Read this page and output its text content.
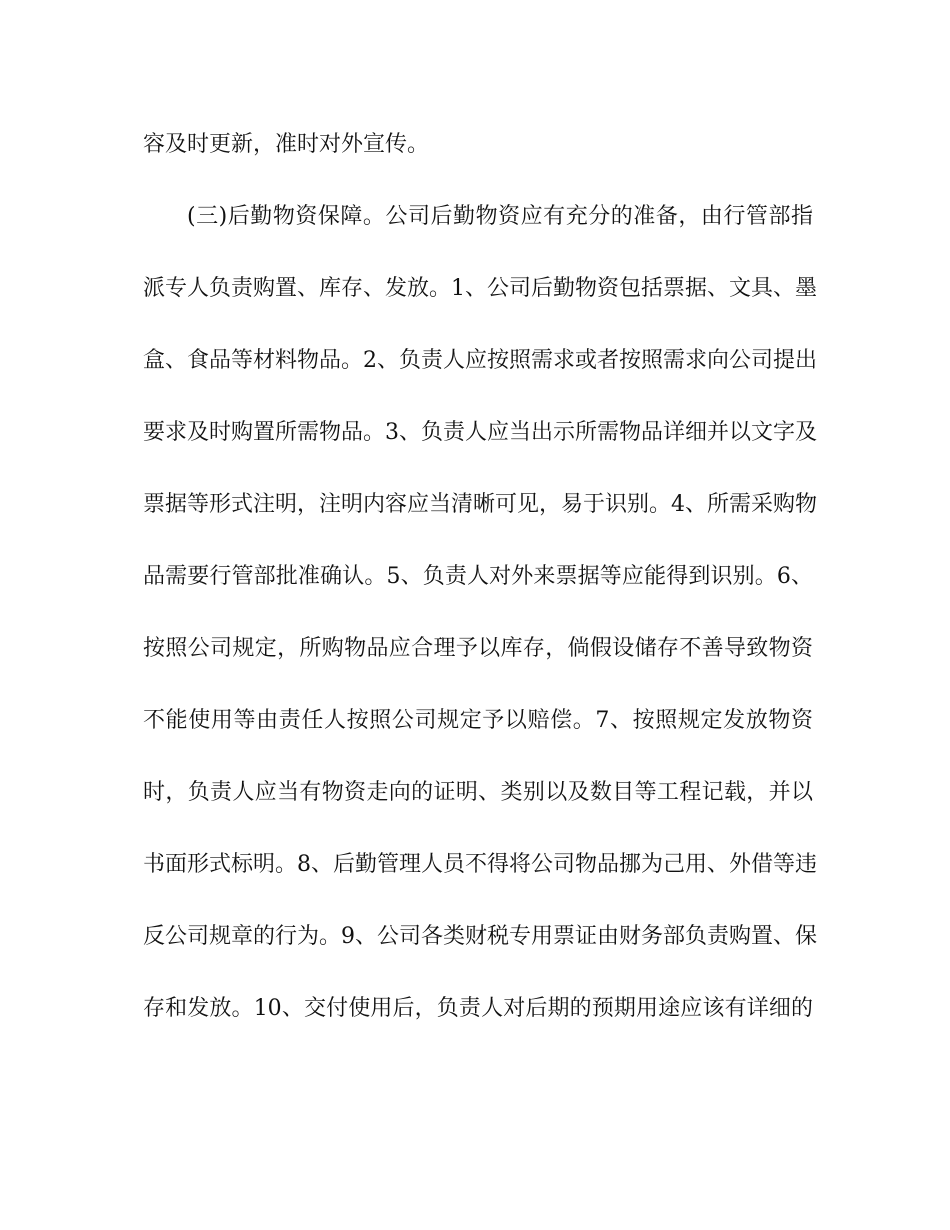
容及时更新，准时对外宣传。

(三)后勤物资保障。公司后勤物资应有充分的准备，由行管部指

派专人负责购置、库存、发放。1、公司后勤物资包括票据、文具、墨

盒、食品等材料物品。2、负责人应按照需求或者按照需求向公司提出

要求及时购置所需物品。3、负责人应当出示所需物品详细并以文字及

票据等形式注明，注明内容应当清晰可见，易于识别。4、所需采购物

品需要行管部批准确认。5、负责人对外来票据等应能得到识别。6、

按照公司规定，所购物品应合理予以库存，倘假设储存不善导致物资

不能使用等由责任人按照公司规定予以赔偿。7、按照规定发放物资

时，负责人应当有物资走向的证明、类别以及数目等工程记载，并以

书面形式标明。8、后勤管理人员不得将公司物品挪为己用、外借等违

反公司规章的行为。9、公司各类财税专用票证由财务部负责购置、保

存和发放。10、交付使用后，负责人对后期的预期用途应该有详细的
